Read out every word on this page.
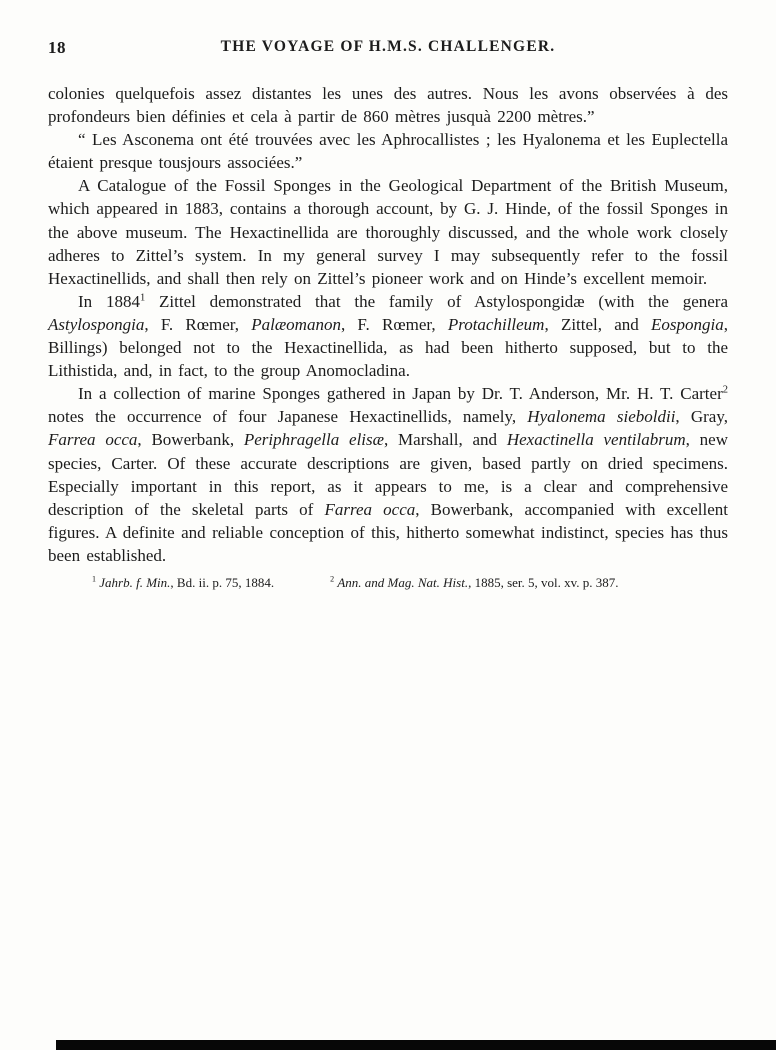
18	THE VOYAGE OF H.M.S. CHALLENGER.

colonies quelquefois assez distantes les unes des autres. Nous les avons observées à des profondeurs bien définies et cela à partir de 860 mètres jusquà 2200 mètres.”

“ Les Asconema ont été trouvées avec les Aphrocallistes ; les Hyalonema et les Euplectella étaient presque tousjours associées.”

A Catalogue of the Fossil Sponges in the Geological Department of the British Museum, which appeared in 1883, contains a thorough account, by G. J. Hinde, of the fossil Sponges in the above museum. The Hexactinellida are thoroughly discussed, and the whole work closely adheres to Zittel’s system. In my general survey I may subsequently refer to the fossil Hexactinellids, and shall then rely on Zittel’s pioneer work and on Hinde’s excellent memoir.

In 1884$^1$ Zittel demonstrated that the family of Astylospongidæ (with the genera Astylospongia, F. Rœmer, Palæomanon, F. Rœmer, Protachilleum, Zittel, and Eospongia, Billings) belonged not to the Hexactinellida, as had been hitherto supposed, but to the Lithistida, and, in fact, to the group Anomocladina.

In a collection of marine Sponges gathered in Japan by Dr. T. Anderson, Mr. H. T. Carter$^2$ notes the occurrence of four Japanese Hexactinellids, namely, Hyalonema sieboldii, Gray, Farrea occa, Bowerbank, Periphragella elisæ, Marshall, and Hexactinella ventilabrum, new species, Carter. Of these accurate descriptions are given, based partly on dried specimens. Especially important in this report, as it appears to me, is a clear and comprehensive description of the skeletal parts of Farrea occa, Bowerbank, accompanied with excellent figures. A definite and reliable conception of this, hitherto somewhat indistinct, species has thus been established.

$^1$ Jahrb. f. Min., Bd. ii. p. 75, 1884.	$^2$ Ann. and Mag. Nat. Hist., 1885, ser. 5, vol. xv. p. 387.
